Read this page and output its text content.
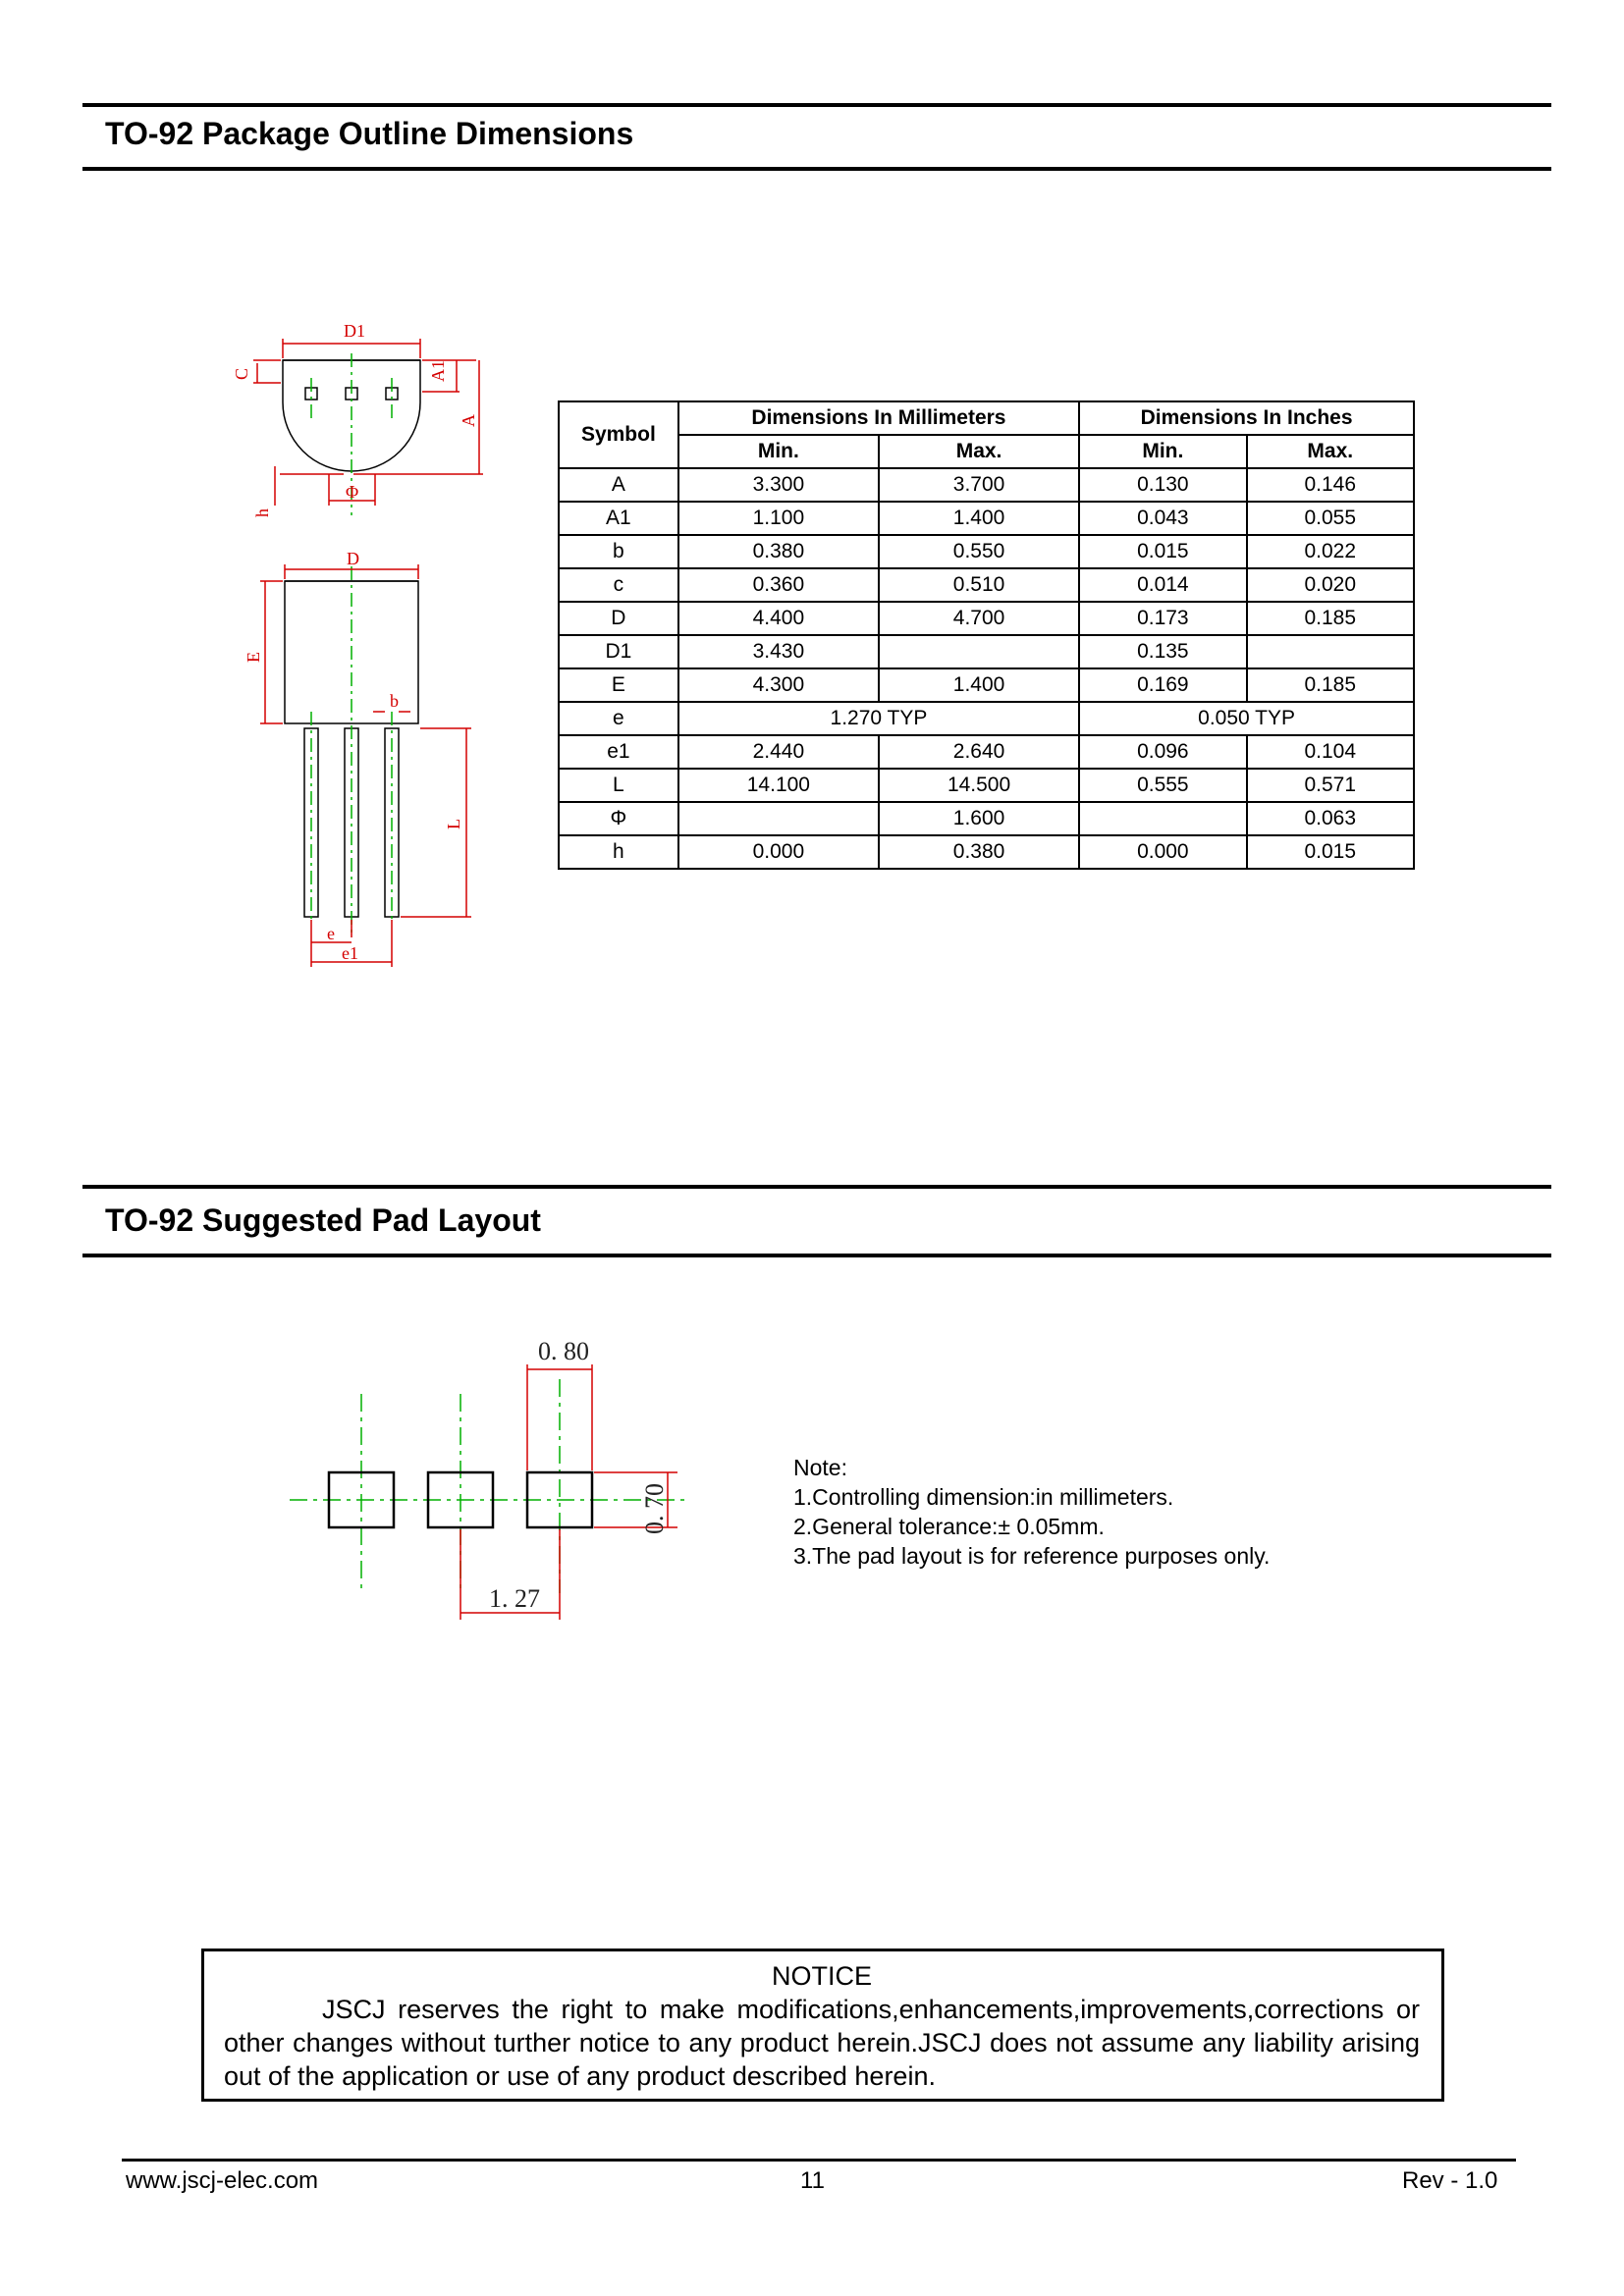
TO-92 Package Outline Dimensions
D1
A1
A
C
h
Φ
D
E
b
L
e
e1
Symbol	Dimensions In Millimeters		Dimensions In Inches	
	Min.	Max.	Min.	Max.
A	3.300	3.700	0.130	0.146
A1	1.100	1.400	0.043	0.055
b	0.380	0.550	0.015	0.022
c	0.360	0.510	0.014	0.020
D	4.400	4.700	0.173	0.185
D1	3.430		0.135	
E	4.300	1.400	0.169	0.185
e	1.270 TYP		0.050 TYP	
e1	2.440	2.640	0.096	0.104
L	14.100	14.500	0.555	0.571
Φ		1.600		0.063
h	0.000	0.380	0.000	0.015
TO-92 Suggested Pad Layout
0. 80
0. 70
1. 27
Note:
1.Controlling dimension:in millimeters.
2.General tolerance:± 0.05mm.
3.The pad layout is for reference purposes only.
NOTICE
JSCJ reserves the right to make modifications,enhancements,improvements,corrections or other changes without turther notice to any product herein.JSCJ does not assume any liability arising out of the application or use of any product described herein.
www.jscj-elec.com	11	Rev - 1.0
